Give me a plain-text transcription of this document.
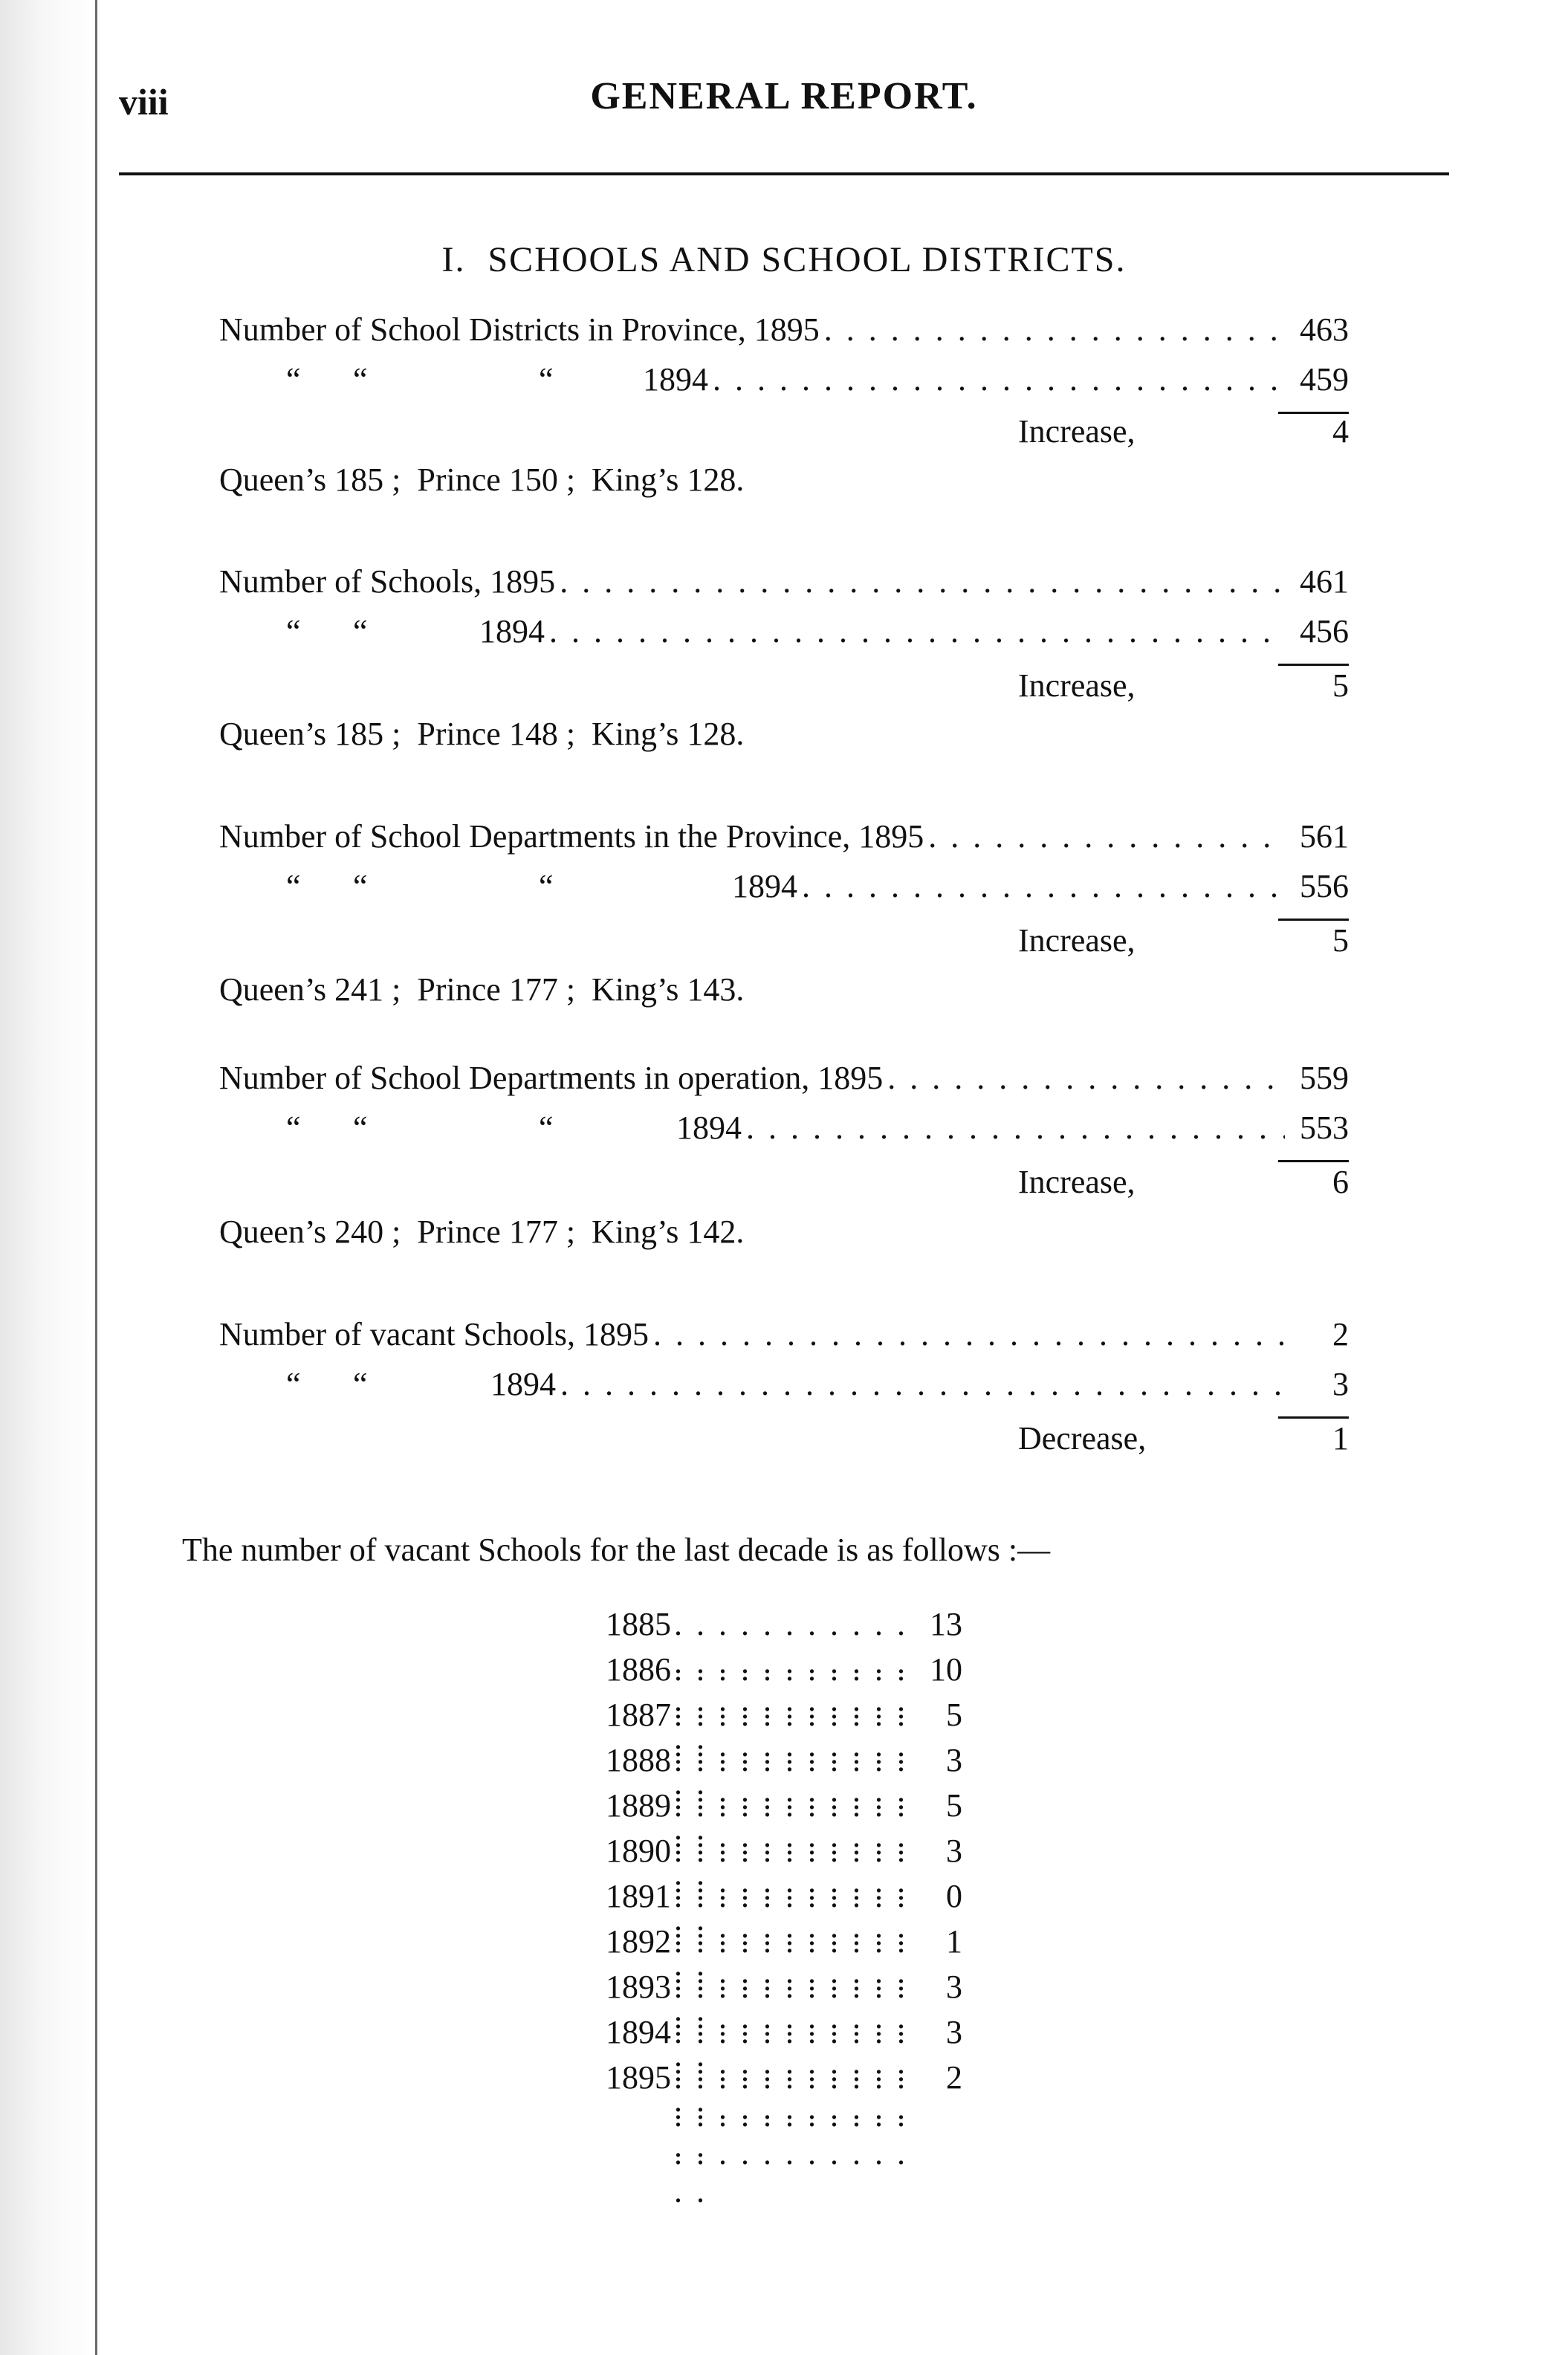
viii	GENERAL REPORT.
I. SCHOOLS AND SCHOOL DISTRICTS.
Number of School Districts in Province, 1895 . . .	463
“ “	“	1894 . . .	459
Increase,	4
Queen’s 185 ;  Prince 150 ;  King’s 128.
Number of Schools, 1895 . . .	461
“ “	1894 . . .	456
Increase,	5
Queen’s 185 ;  Prince 148 ;  King’s 128.
Number of School Departments in the Province, 1895 . . .	561
“ “	“	1894 . . .	556
Increase,	5
Queen’s 241 ;  Prince 177 ;  King’s 143.
Number of School Departments in operation, 1895 . . .	559
“ “	“	1894 . . .	553
Increase,	6
Queen’s 240 ;  Prince 177 ;  King’s 142.
Number of vacant Schools, 1895 . . .	2
“ “	1894 . . .	3
Decrease,	1
The number of vacant Schools for the last decade is as follows :—
1885 . . .	13
1886 . . .	10
1887 . . .	5
1888 . . .	3
1889 . . .	5
1890 . . .	3
1891 . . .	0
1892 . . .	1
1893 . . .	3
1894 . . .	3
1895 . . .	2
